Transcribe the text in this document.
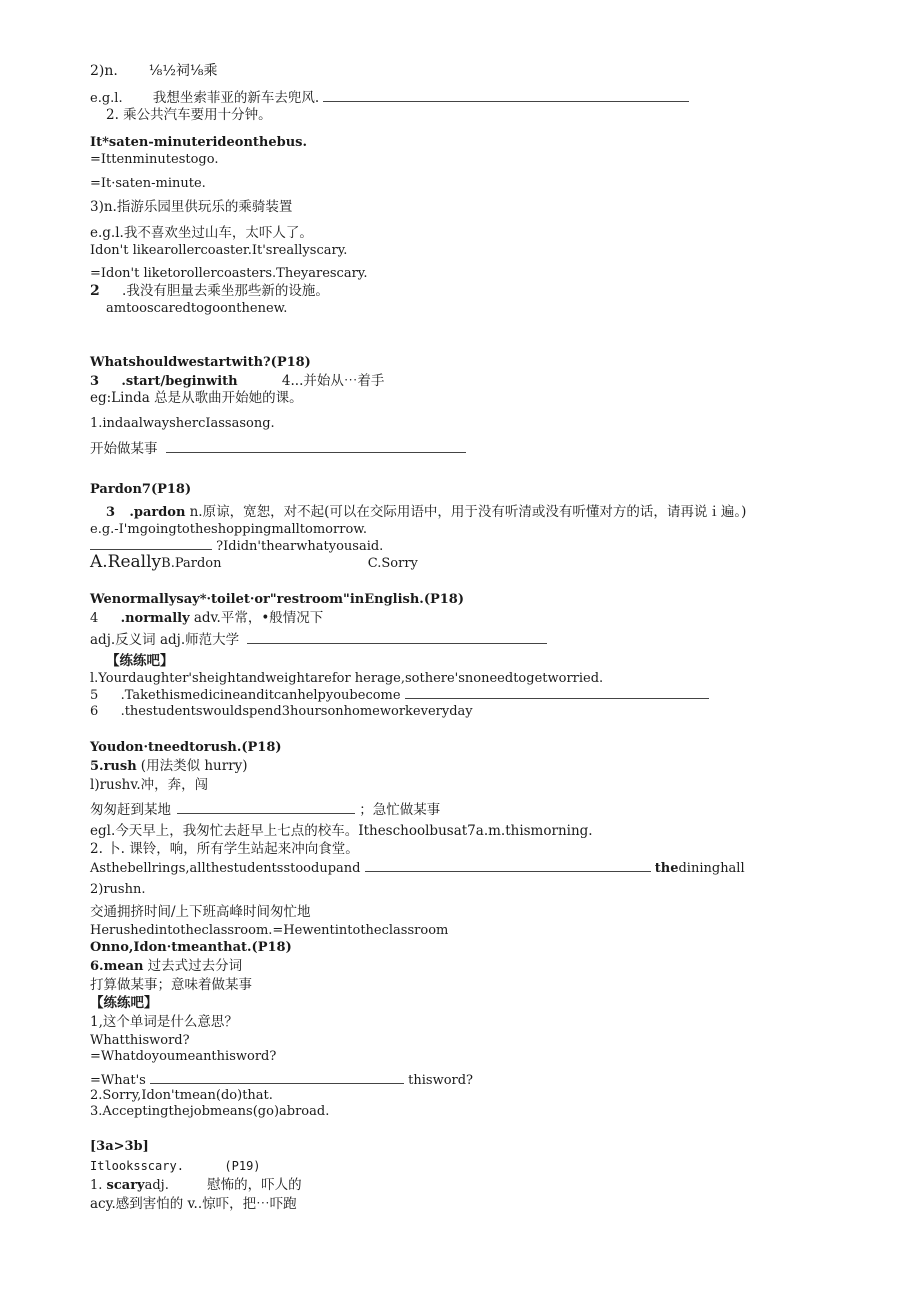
2)n. ⅛½祠⅛乘
e.g.l. 我想坐索菲亚的新车去兜风.
2. 乘公共汽车要用十分钟。
It*saten-minuterideonthebus.
=Ittenminutestogo.
=It·saten-minute.
3)n.指游乐园里供玩乐的乘骑装置
e.g.l.我不喜欢坐过山车，太吓人了。
Idon't likearollercoaster.It'sreallyscary.
=Idon't liketorollercoasters.Theyarescary.
2 .我没有胆量去乘坐那些新的设施。
amtooscaredtogoonthenew.
Whatshouldwestartwith?(P18)
3 .start/beginwith	4...并始从⋯着手
eg:Linda 总是从歌曲开始她的课。
1.indaalwayshercIassasong.
开始做某事
Pardon7(P18)
3 .pardon n.原谅，宽恕，对不起(可以在交际用语中，用于没有听清或没有听懂对方的话，请再说ｉ遍。)
e.g.-I'mgoingtotheshoppingmalltomorrow.
?Ididn'thearwhatyousaid.
A.ReallyB.Pardon	C.Sorry
Wenormallysay*·toilet·or"restroom"inEnglish.(P18)
4 .normally adv.平常，•般情况下
adj.反义词 adj.师范大学
【练练吧】
l.Yourdaughter'sheightandweightarefor herage,sothere'snoneedtogetworried.
5 .Takethismedicineanditcanhelpyoubecome
6 .thestudentswouldspend3hoursonhomeworkeveryday
Youdon·tneedtorush.(P18)
5.rush (用法类似 hurry)
l)rushv.冲，奔，闯
匆匆赶到某地	；急忙做某事
egl.今天早上，我匆忙去赶早上七点的校车。Itheschoolbusat7a.m.thismorning.
2. 卜. 课铃，响，所有学生站起来冲向食堂。
Asthebellrings,allthestudentsstoodupand	thedininghall
2)rushn.
交通拥挤时间/上下班高峰时间匆忙地
Herushedintotheclassroom.=Hewentintotheclassroom
Onno,Idon·tmeanthat.(P18)
6.mean 过去式过去分词
打算做某事；意味着做某事
【练练吧】
1,这个单词是什么意思？
Whatthisword?
=Whatdoyoumeanthisword?
=What's	thisword?
2.Sorry,Idon'tmean(do)that.
3.Acceptingthejobmeans(go)abroad.
[3a>3b]
Itlooksscary.	(P19)
1. scaryadj.	慰怖的，吓人的
acy.感到害怕的 v..惊吓，把⋯吓跑
